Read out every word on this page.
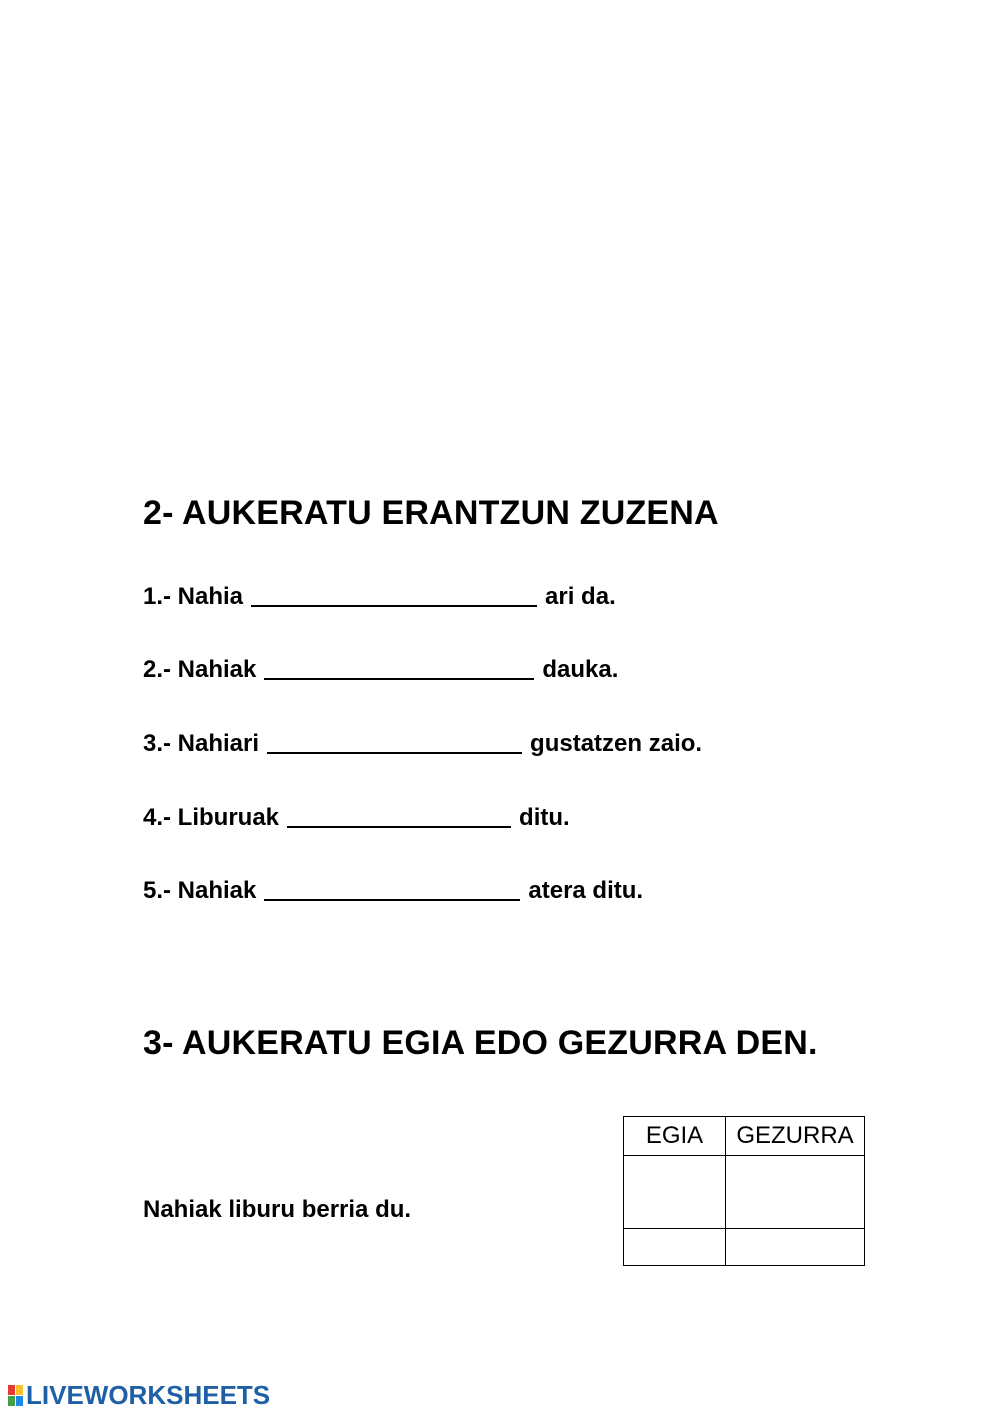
2- AUKERATU ERANTZUN ZUZENA
1.- Nahia	ari da.
2.- Nahiak	dauka.
3.- Nahiari	gustatzen zaio.
4.- Liburuak	ditu.
5.- Nahiak	atera ditu.
3- AUKERATU EGIA EDO GEZURRA DEN.
Nahiak liburu berria du.
EGIA	GEZURRA

LIVEWORKSHEETS
